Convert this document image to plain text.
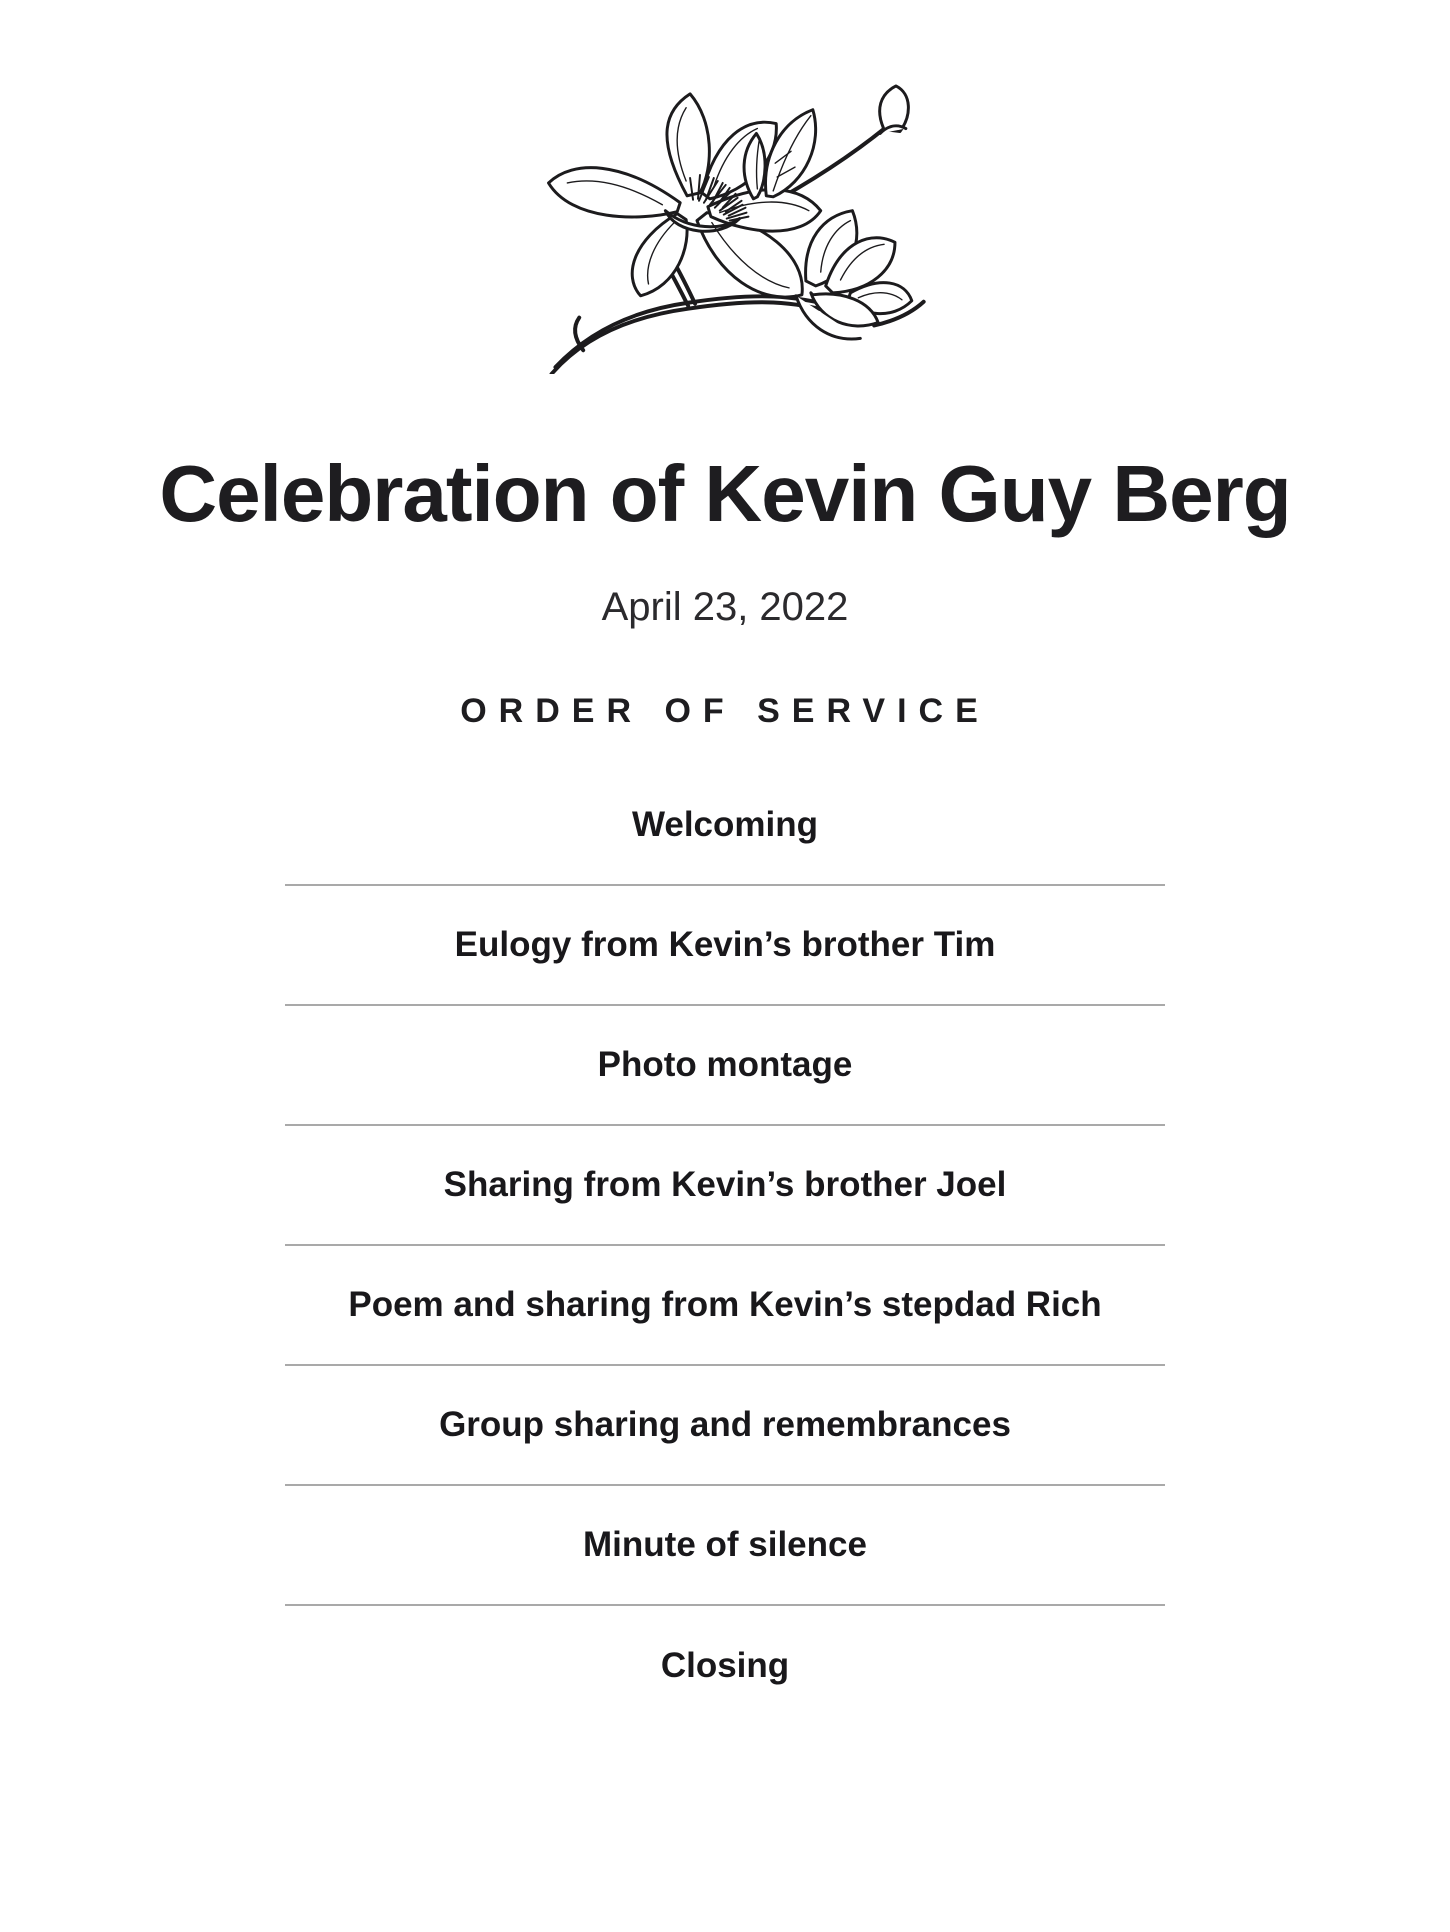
Celebration of Kevin Guy Berg
April 23, 2022
ORDER OF SERVICE
Welcoming
Eulogy from Kevin’s brother Tim
Photo montage
Sharing from Kevin’s brother Joel
Poem and sharing from Kevin’s stepdad Rich
Group sharing and remembrances
Minute of silence
Closing
